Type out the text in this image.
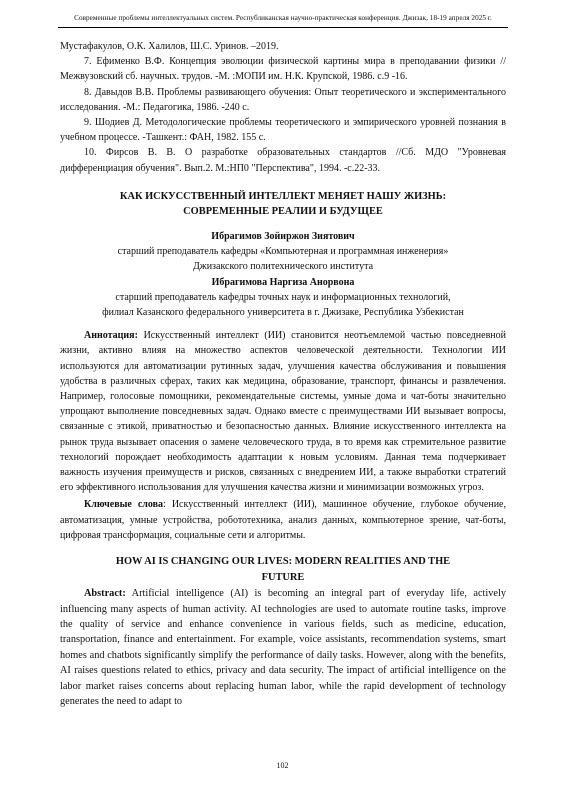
Современные проблемы интеллектуальных систем. Республиканская научно-практическая конференция. Джизак, 18-19 апреля 2025 г.

Мустафакулов, О.К. Халилов, Ш.С. Уринов. –2019.

7. Ефименко В.Ф. Концепция эволюции физической картины мира в преподавании физики // Межвузовский сб. научных. трудов. -М. :МОПИ им. Н.К. Крупской, 1986. с.9 -16.

8. Давыдов В.В. Проблемы развивающего обучения: Опыт теоретического и экспериментального исследования. -М.: Педагогика, 1986. -240 с.

9. Шодиев Д. Методологические проблемы теоретического и эмпирического уровней познания в учебном процессе. -Ташкент.: ФАН, 1982. 155 с.

10. Фирсов В. В. О разработке образовательных стандартов //Сб. МДО "Уровневая дифференциация обучения". Вып.2. М.:НП0 "Перспектива", 1994. -с.22-33.

КАК ИСКУССТВЕННЫЙ ИНТЕЛЛЕКТ МЕНЯЕТ НАШУ ЖИЗНЬ:
СОВРЕМЕННЫЕ РЕАЛИИ И БУДУЩЕЕ

Ибрагимов Зойиржон Зиятович

старший преподаватель кафедры «Компьютерная и программная инженерия»

Джизакского политехнического института

Ибрагимова Наргиза Анорвона

старший преподаватель кафедры точных наук и информационных технологий,

филиал Казанского федерального университета в г. Джизаке, Республика Узбекистан

Аннотация: Искусственный интеллект (ИИ) становится неотъемлемой частью повседневной жизни, активно влияя на множество аспектов человеческой деятельности. Технологии ИИ используются для автоматизации рутинных задач, улучшения качества обслуживания и повышения удобства в различных сферах, таких как медицина, образование, транспорт, финансы и развлечения. Например, голосовые помощники, рекомендательные системы, умные дома и чат-боты значительно упрощают выполнение повседневных задач. Однако вместе с преимуществами ИИ вызывает вопросы, связанные с этикой, приватностью и безопасностью данных. Влияние искусственного интеллекта на рынок труда вызывает опасения о замене человеческого труда, в то время как стремительное развитие технологий порождает необходимость адаптации к новым условиям. Данная тема подчеркивает важность изучения преимуществ и рисков, связанных с внедрением ИИ, а также выработки стратегий его эффективного использования для улучшения качества жизни и минимизации возможных угроз.

Ключевые слова: Искусственный интеллект (ИИ), машинное обучение, глубокое обучение, автоматизация, умные устройства, робототехника, анализ данных, компьютерное зрение, чат-боты, цифровая трансформация, социальные сети и алгоритмы.

HOW AI IS CHANGING OUR LIVES: MODERN REALITIES AND THE
FUTURE

Abstract: Artificial intelligence (AI) is becoming an integral part of everyday life, actively influencing many aspects of human activity. AI technologies are used to automate routine tasks, improve the quality of service and enhance convenience in various fields, such as medicine, education, transportation, finance and entertainment. For example, voice assistants, recommendation systems, smart homes and chatbots significantly simplify the performance of daily tasks. However, along with the benefits, AI raises questions related to ethics, privacy and data security. The impact of artificial intelligence on the labor market raises concerns about replacing human labor, while the rapid development of technology generates the need to adapt to

102
